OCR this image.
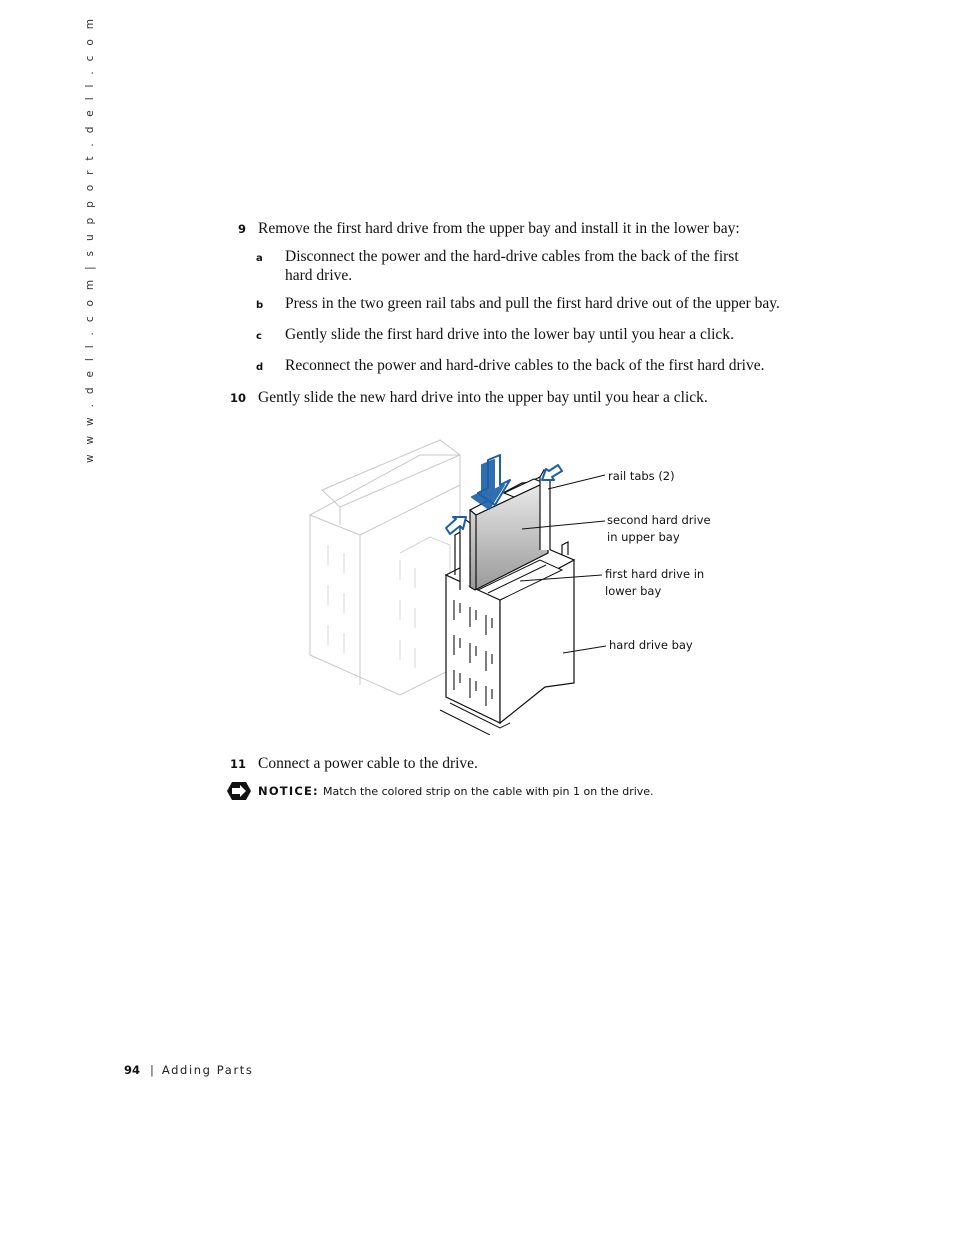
w w w . d e l l . c o m | s u p p o r t . d e l l . c o m	9 Remove the first hard drive from the upper bay and install it in the lower bay:
a Disconnect the power and the hard-drive cables from the back of the first hard drive.
b Press in the two green rail tabs and pull the first hard drive out of the upper bay.
c Gently slide the first hard drive into the lower bay until you hear a click.
d Reconnect the power and hard-drive cables to the back of the first hard drive.
10 Gently slide the new hard drive into the upper bay until you hear a click.
rail tabs (2)
second hard drive
in upper bay
first hard drive in
lower bay
hard drive bay
11 Connect a power cable to the drive.
NOTICE: Match the colored strip on the cable with pin 1 on the drive.
94 | Adding Parts
